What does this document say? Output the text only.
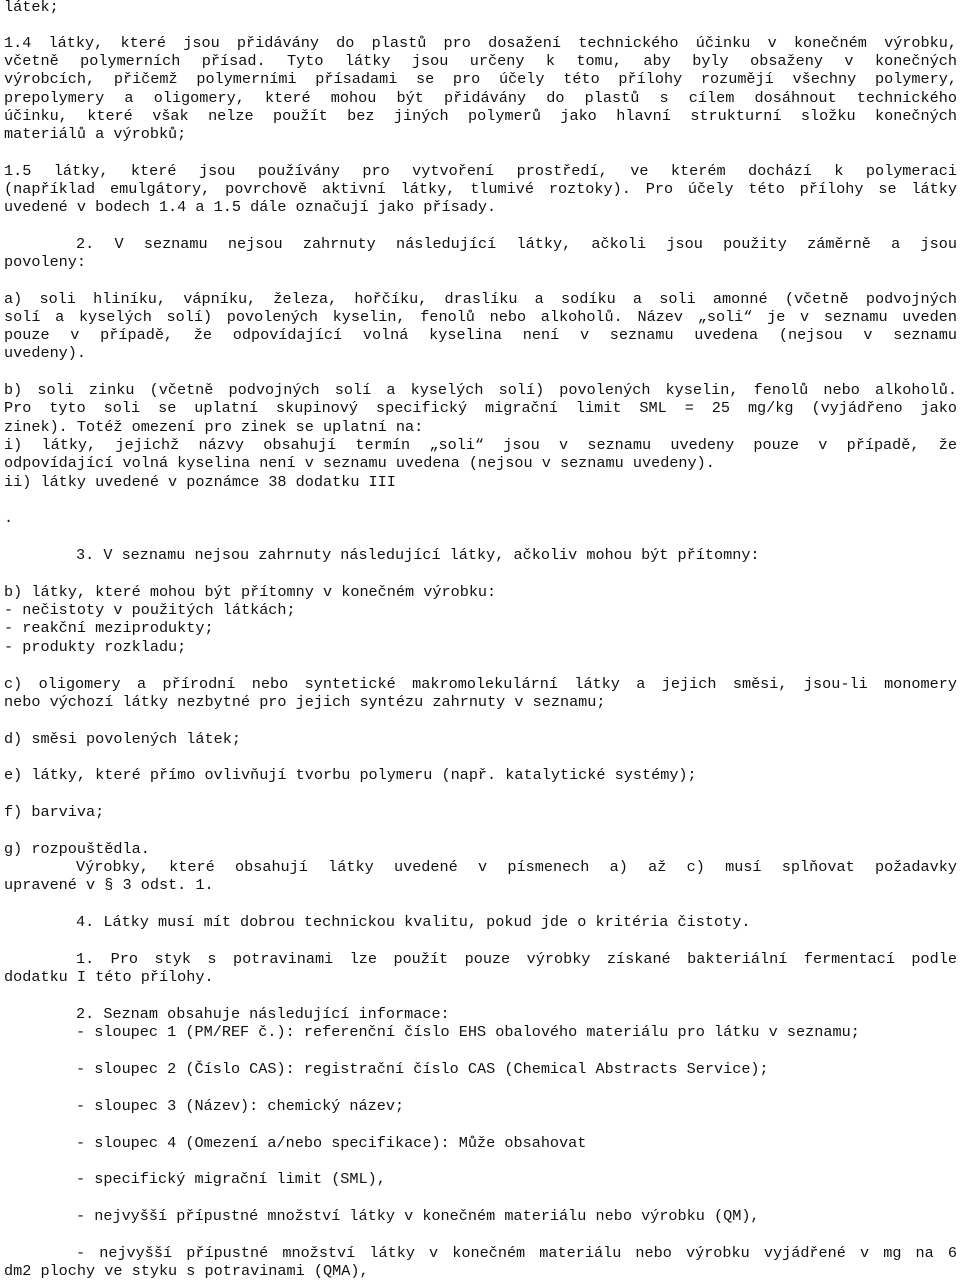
látek;
1.4 látky, které jsou přidávány do plastů pro dosažení technického účinku v konečném výrobku,
včetně polymerních přísad. Tyto látky jsou určeny k tomu, aby byly obsaženy v konečných
výrobcích, přičemž polymerními přísadami se pro účely této přílohy rozumějí všechny polymery,
prepolymery a oligomery, které mohou být přidávány do plastů s cílem dosáhnout technického
účinku, které však nelze použít bez jiných polymerů jako hlavní strukturní složku konečných
materiálů a výrobků;
1.5 látky, které jsou používány pro vytvoření prostředí, ve kterém dochází k polymeraci
(například emulgátory, povrchově aktivní látky, tlumivé roztoky). Pro účely této přílohy se látky
uvedené v bodech 1.4 a 1.5 dále označují jako přísady.
2. V seznamu nejsou zahrnuty následující látky, ačkoli jsou použity záměrně a jsou
povoleny:
a) soli hliníku, vápníku, železa, hořčíku, draslíku a sodíku a soli amonné (včetně podvojných
solí a kyselých solí) povolených kyselin, fenolů nebo alkoholů. Název „soli“ je v seznamu uveden
pouze v případě, že odpovídající volná kyselina není v seznamu uvedena (nejsou v seznamu
uvedeny).
b) soli zinku (včetně podvojných solí a kyselých solí) povolených kyselin, fenolů nebo alkoholů.
Pro tyto soli se uplatní skupinový specifický migrační limit SML = 25 mg/kg (vyjádřeno jako
zinek). Totéž omezení pro zinek se uplatní na:
i) látky, jejichž názvy obsahují termín „soli“ jsou v seznamu uvedeny pouze v případě, že
odpovídající volná kyselina není v seznamu uvedena (nejsou v seznamu uvedeny).
ii) látky uvedené v poznámce 38 dodatku III
.
3. V seznamu nejsou zahrnuty následující látky, ačkoliv mohou být přítomny:
b) látky, které mohou být přítomny v konečném výrobku:
- nečistoty v použitých látkách;
- reakční meziprodukty;
- produkty rozkladu;
c) oligomery a přírodní nebo syntetické makromolekulární látky a jejich směsi, jsou-li monomery
nebo výchozí látky nezbytné pro jejich syntézu zahrnuty v seznamu;
d) směsi povolených látek;
e) látky, které přímo ovlivňují tvorbu polymeru (např. katalytické systémy);
f) barviva;
g) rozpouštědla.
Výrobky, které obsahují látky uvedené v písmenech a) až c) musí splňovat požadavky
upravené v § 3 odst. 1.
4. Látky musí mít dobrou technickou kvalitu, pokud jde o kritéria čistoty.
1. Pro styk s potravinami lze použít pouze výrobky získané bakteriální fermentací podle
dodatku I této přílohy.
2. Seznam obsahuje následující informace:
- sloupec 1 (PM/REF č.): referenční číslo EHS obalového materiálu pro látku v seznamu;
- sloupec 2 (Číslo CAS): registrační číslo CAS (Chemical Abstracts Service);
- sloupec 3 (Název): chemický název;
- sloupec 4 (Omezení a/nebo specifikace): Může obsahovat
- specifický migrační limit (SML),
- nejvyšší přípustné množství látky v konečném materiálu nebo výrobku (QM),
- nejvyšší přípustné množství látky v konečném materiálu nebo výrobku vyjádřené v mg na 6
dm2 plochy ve styku s potravinami (QMA),
